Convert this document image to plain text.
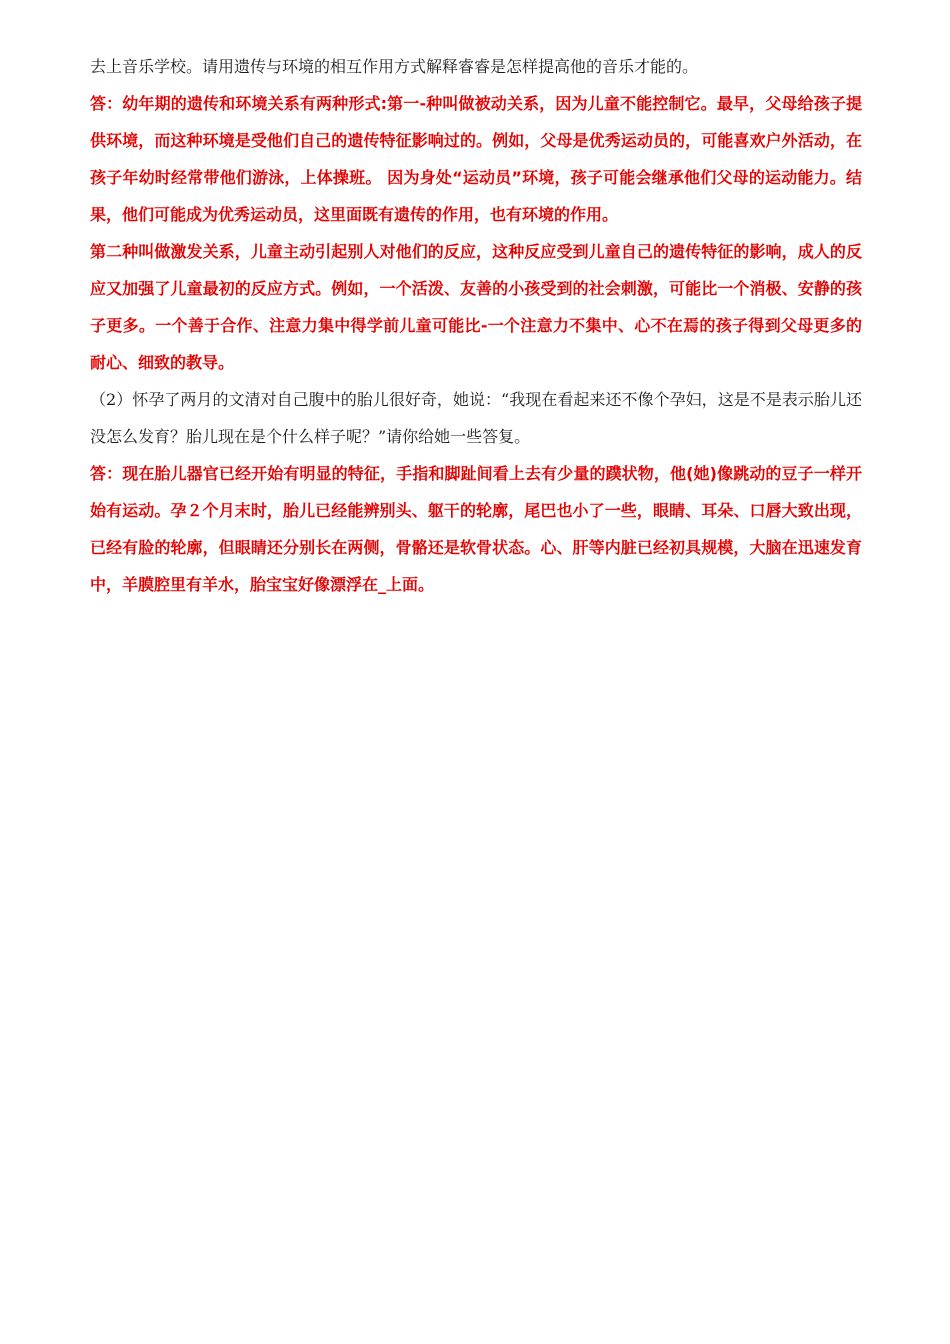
去上音乐学校。请用遗传与环境的相互作用方式解释睿睿是怎样提高他的音乐才能的。

答：幼年期的遗传和环境关系有两种形式:第一-种叫做被动关系，因为儿童不能控制它。最早，父母给孩子提供环境，而这种环境是受他们自己的遗传特征影响过的。例如，父母是优秀运动员的，可能喜欢户外活动，在孩子年幼时经常带他们游泳，上体操班。 因为身处“运动员”环境，孩子可能会继承他们父母的运动能力。结果，他们可能成为优秀运动员，这里面既有遗传的作用，也有环境的作用。

第二种叫做激发关系，儿童主动引起别人对他们的反应，这种反应受到儿童自己的遗传特征的影响，成人的反应又加强了儿童最初的反应方式。例如，一个活泼、友善的小孩受到的社会刺激，可能比一个消极、安静的孩子更多。一个善于合作、注意力集中得学前儿童可能比-一个注意力不集中、心不在焉的孩子得到父母更多的耐心、细致的教导。

（2）怀孕了两月的文清对自己腹中的胎儿很好奇，她说：“我现在看起来还不像个孕妇，这是不是表示胎儿还没怎么发育？胎儿现在是个什么样子呢？”请你给她一些答复。

答：现在胎儿器官已经开始有明显的特征，手指和脚趾间看上去有少量的蹼状物，他(她)像跳动的豆子一样开始有运动。孕２个月末时，胎儿已经能辨别头、躯干的轮廓，尾巴也小了一些，眼睛、耳朵、口唇大致出现，已经有脸的轮廓，但眼睛还分别长在两侧，骨骼还是软骨状态。心、肝等内脏已经初具规模，大脑在迅速发育中，羊膜腔里有羊水，胎宝宝好像漂浮在_上面。
